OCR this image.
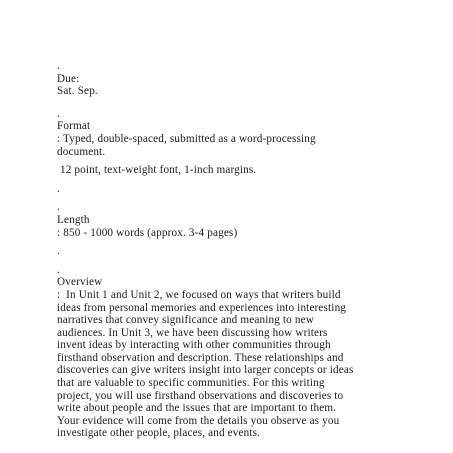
.
Due:
Sat. Sep.
.
Format
: Typed, double-spaced, submitted as a word-processing
document.
12 point, text-weight font, 1-inch margins.
.
.
Length
: 850 - 1000 words (approx. 3-4 pages)
.
.
Overview
:  In Unit 1 and Unit 2, we focused on ways that writers build
ideas from personal memories and experiences into interesting
narratives that convey significance and meaning to new
audiences. In Unit 3, we have been discussing how writers
invent ideas by interacting with other communities through
firsthand observation and description. These relationships and
discoveries can give writers insight into larger concepts or ideas
that are valuable to specific communities. For this writing
project, you will use firsthand observations and discoveries to
write about people and the issues that are important to them.
Your evidence will come from the details you observe as you
investigate other people, places, and events.
